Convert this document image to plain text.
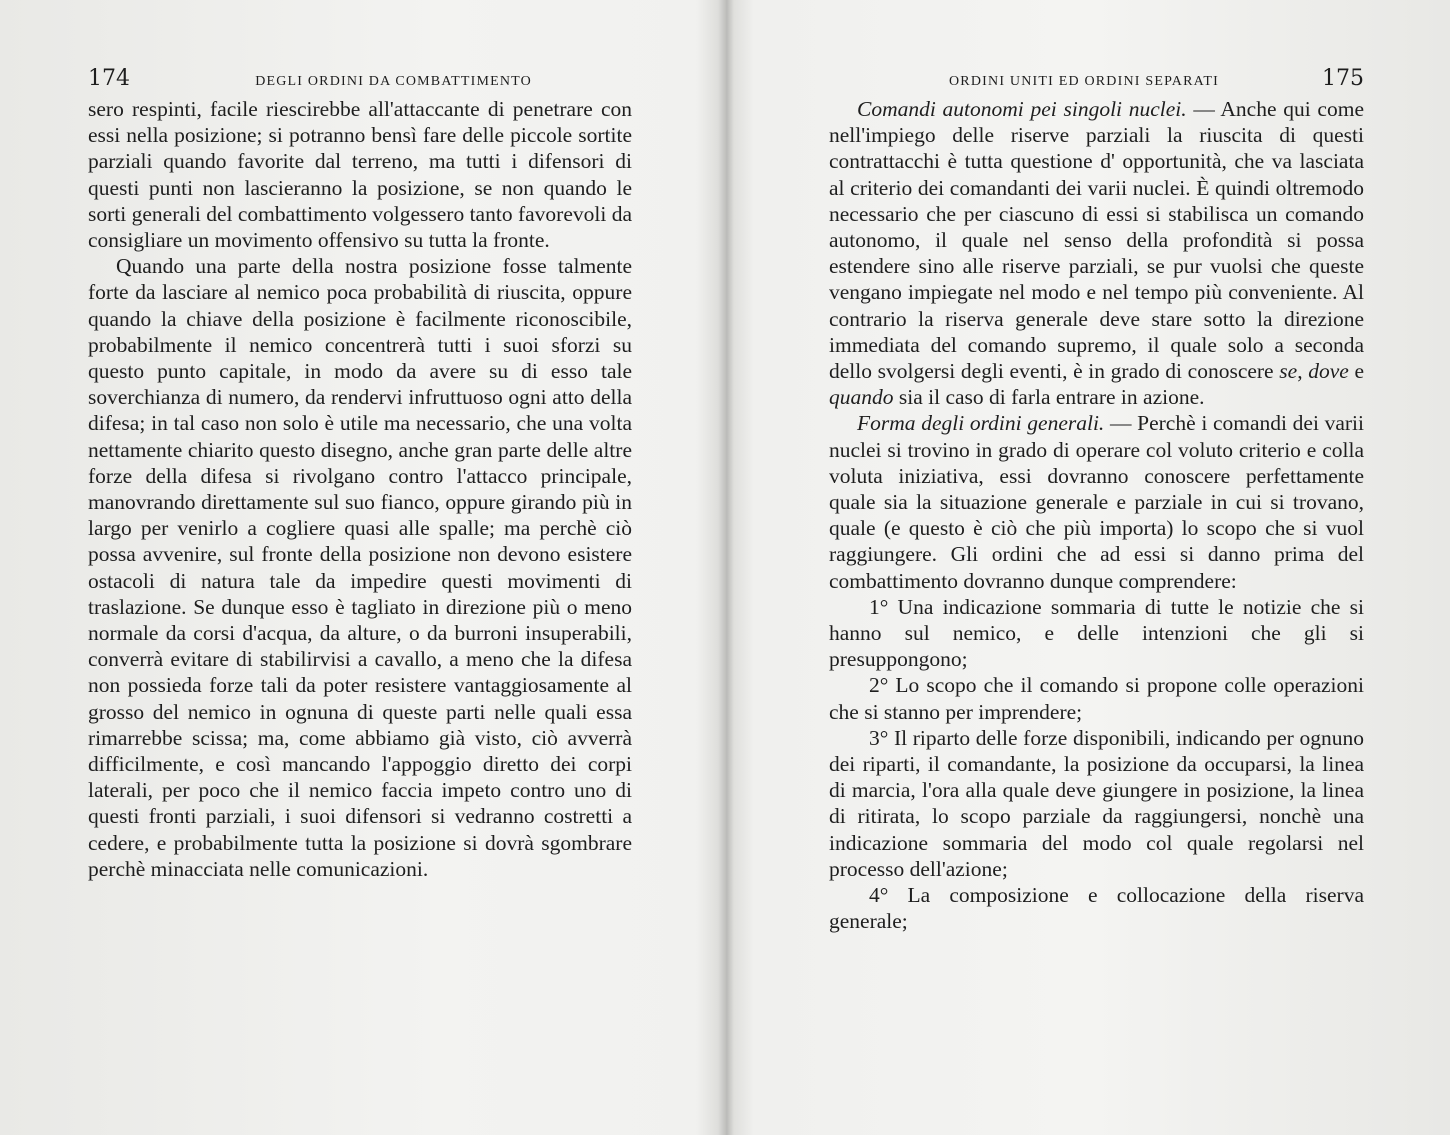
174	DEGLI ORDINI DA COMBATTIMENTO

sero respinti, facile riescirebbe all'attaccante di penetrare con essi nella posizione; si potranno bensì fare delle piccole sortite parziali quando favorite dal terreno, ma tutti i difensori di questi punti non lascieranno la posizione, se non quando le sorti generali del combattimento volgessero tanto favorevoli da consigliare un movimento offensivo su tutta la fronte.

Quando una parte della nostra posizione fosse talmente forte da lasciare al nemico poca probabilità di riuscita, oppure quando la chiave della posizione è facilmente riconoscibile, probabilmente il nemico concentrerà tutti i suoi sforzi su questo punto capitale, in modo da avere su di esso tale soverchianza di numero, da rendervi infruttuoso ogni atto della difesa; in tal caso non solo è utile ma necessario, che una volta nettamente chiarito questo disegno, anche gran parte delle altre forze della difesa si rivolgano contro l'attacco principale, manovrando direttamente sul suo fianco, oppure girando più in largo per venirlo a cogliere quasi alle spalle; ma perchè ciò possa avvenire, sul fronte della posizione non devono esistere ostacoli di natura tale da impedire questi movimenti di traslazione. Se dunque esso è tagliato in direzione più o meno normale da corsi d'acqua, da alture, o da burroni insuperabili, converrà evitare di stabilirvisi a cavallo, a meno che la difesa non possieda forze tali da poter resistere vantaggiosamente al grosso del nemico in ognuna di queste parti nelle quali essa rimarrebbe scissa; ma, come abbiamo già visto, ciò avverrà difficilmente, e così mancando l'appoggio diretto dei corpi laterali, per poco che il nemico faccia impeto contro uno di questi fronti parziali, i suoi difensori si vedranno costretti a cedere, e probabilmente tutta la posizione si dovrà sgombrare perchè minacciata nelle comunicazioni.

ORDINI UNITI ED ORDINI SEPARATI	175

Comandi autonomi pei singoli nuclei. — Anche qui come nell'impiego delle riserve parziali la riuscita di questi contrattacchi è tutta questione d' opportunità, che va lasciata al criterio dei comandanti dei varii nuclei. È quindi oltremodo necessario che per ciascuno di essi si stabilisca un comando autonomo, il quale nel senso della profondità si possa estendere sino alle riserve parziali, se pur vuolsi che queste vengano impiegate nel modo e nel tempo più conveniente. Al contrario la riserva generale deve stare sotto la direzione immediata del comando supremo, il quale solo a seconda dello svolgersi degli eventi, è in grado di conoscere se, dove e quando sia il caso di farla entrare in azione.

Forma degli ordini generali. — Perchè i comandi dei varii nuclei si trovino in grado di operare col voluto criterio e colla voluta iniziativa, essi dovranno conoscere perfettamente quale sia la situazione generale e parziale in cui si trovano, quale (e questo è ciò che più importa) lo scopo che si vuol raggiungere. Gli ordini che ad essi si danno prima del combattimento dovranno dunque comprendere:

1° Una indicazione sommaria di tutte le notizie che si hanno sul nemico, e delle intenzioni che gli si presuppongono;

2° Lo scopo che il comando si propone colle operazioni che si stanno per imprendere;

3° Il riparto delle forze disponibili, indicando per ognuno dei riparti, il comandante, la posizione da occuparsi, la linea di marcia, l'ora alla quale deve giungere in posizione, la linea di ritirata, lo scopo parziale da raggiungersi, nonchè una indicazione sommaria del modo col quale regolarsi nel processo dell'azione;

4° La composizione e collocazione della riserva generale;
